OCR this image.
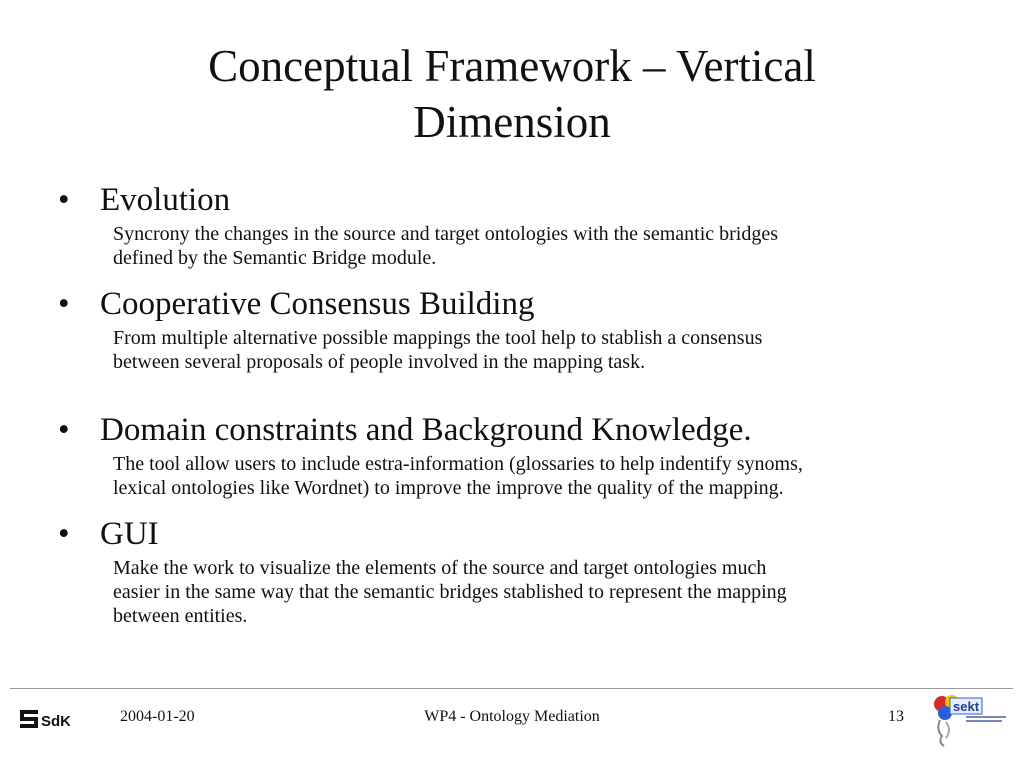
Conceptual Framework – Vertical
Dimension
• Evolution
Syncrony the changes in the source and target ontologies with the semantic bridges
defined by the Semantic Bridge module.
• Cooperative Consensus Building
From multiple alternative possible mappings the tool help to stablish a consensus
between several proposals of people involved in the mapping task.
• Domain constraints and Background Knowledge.
The tool allow users to include estra-information (glossaries to help indentify synoms,
lexical ontologies like Wordnet) to improve the improve the quality of the mapping.
• GUI
Make the work to visualize the elements of the source and target ontologies much
easier in the same way that the semantic bridges stablished to represent the mapping
between entities.
SdK	2004-01-20	WP4 - Ontology Mediation	13
sekt
